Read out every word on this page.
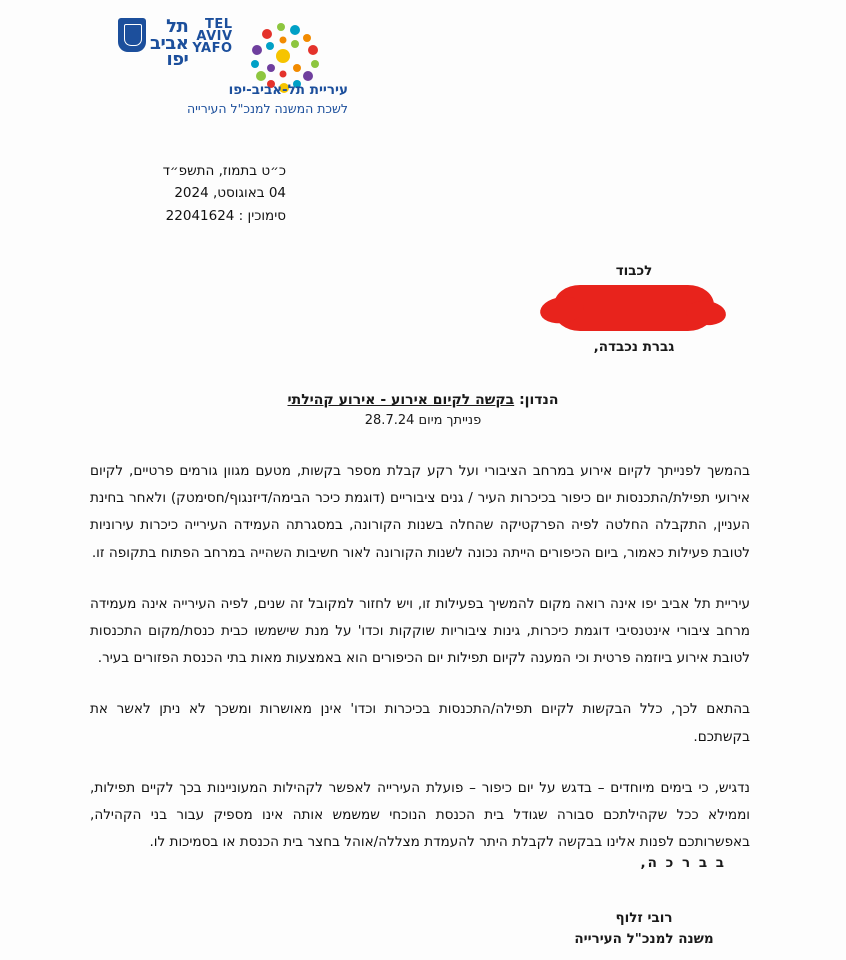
TEL
AVIV
YAFO
תל
אביב
יפו
עיריית תל-אביב-יפו
לשכת המשנה למנכ"ל העירייה
כ״ט בתמוז, התשפ״ד
04 באוגוסט, 2024
סימוכין : 22041624
לכבוד
גברת נכבדה,
הנדון: בקשה לקיום אירוע - אירוע קהילתי
פנייתך מיום 28.7.24

בהמשך לפנייתך לקיום אירוע במרחב הציבורי ועל רקע קבלת מספר בקשות, מטעם מגוון גורמים פרטיים, לקיום אירועי תפילת/התכנסות יום כיפור בכיכרות העיר / גנים ציבוריים (דוגמת כיכר הבימה/דיזנגוף/חסימטק) ולאחר בחינת העניין, התקבלה החלטה לפיה הפרקטיקה שהחלה בשנות הקורונה, במסגרתה העמידה העירייה כיכרות עירוניות לטובת פעילות כאמור, ביום הכיפורים הייתה נכונה לשנות הקורונה לאור חשיבות השהייה במרחב הפתוח בתקופה זו.

עיריית תל אביב יפו אינה רואה מקום להמשיך בפעילות זו, ויש לחזור למקובל זה שנים, לפיה העירייה אינה מעמידה מרחב ציבורי אינטנסיבי דוגמת כיכרות, גינות ציבוריות שוקקות וכדו' על מנת שישמשו כבית כנסת/מקום התכנסות לטובת אירוע ביוזמה פרטית וכי המענה לקיום תפילות יום הכיפורים הוא באמצעות מאות בתי הכנסת הפזורים בעיר.

בהתאם לכך, כלל הבקשות לקיום תפילה/התכנסות בכיכרות וכדו' אינן מאושרות ומשכך לא ניתן לאשר את בקשתכם.

נדגיש, כי בימים מיוחדים – בדגש על יום כיפור – פועלת העירייה לאפשר לקהילות המעוניינות בכך לקיים תפילות, וממילא ככל שקהילתכם סבורה שגודל בית הכנסת הנוכחי שמשמש אותה אינו מספיק עבור בני הקהילה, באפשרותכם לפנות אלינו בבקשה לקבלת היתר להעמדת מצללה/אוהל בחצר בית הכנסת או בסמיכות לו.

ב ב ר כ ה,
רובי זלוף
משנה למנכ"ל העירייה
